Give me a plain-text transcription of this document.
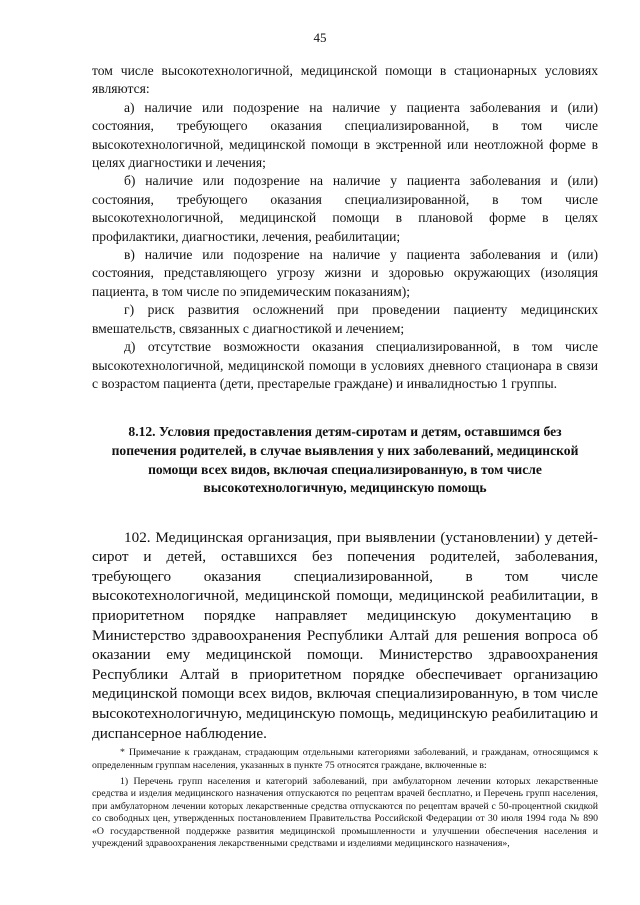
45

том числе высокотехнологичной, медицинской помощи в стационарных условиях являются:

а) наличие или подозрение на наличие у пациента заболевания и (или) состояния, требующего оказания специализированной, в том числе высокотехнологичной, медицинской помощи в экстренной или неотложной форме в целях диагностики и лечения;

б) наличие или подозрение на наличие у пациента заболевания и (или) состояния, требующего оказания специализированной, в том числе высокотехнологичной, медицинской помощи в плановой форме в целях профилактики, диагностики, лечения, реабилитации;

в) наличие или подозрение на наличие у пациента заболевания и (или) состояния, представляющего угрозу жизни и здоровью окружающих (изоляция пациента, в том числе по эпидемическим показаниям);

г) риск развития осложнений при проведении пациенту медицинских вмешательств, связанных с диагностикой и лечением;

д) отсутствие возможности оказания специализированной, в том числе высокотехнологичной, медицинской помощи в условиях дневного стационара в связи с возрастом пациента (дети, престарелые граждане) и инвалидностью 1 группы.

8.12. Условия предоставления детям-сиротам и детям, оставшимся без попечения родителей, в случае выявления у них заболеваний, медицинской помощи всех видов, включая специализированную, в том числе высокотехнологичную, медицинскую помощь

102. Медицинская организация, при выявлении (установлении) у детей-сирот и детей, оставшихся без попечения родителей, заболевания, требующего оказания специализированной, в том числе высокотехнологичной, медицинской помощи, медицинской реабилитации, в приоритетном порядке направляет медицинскую документацию в Министерство здравоохранения Республики Алтай для решения вопроса об оказании ему медицинской помощи. Министерство здравоохранения Республики Алтай в приоритетном порядке обеспечивает организацию медицинской помощи всех видов, включая специализированную, в том числе высокотехнологичную, медицинскую помощь, медицинскую реабилитацию и диспансерное наблюдение.

* Примечание к гражданам, страдающим отдельными категориями заболеваний, и гражданам, относящимся к определенным группам населения, указанных в пункте 75 относятся граждане, включенные в:

1) Перечень групп населения и категорий заболеваний, при амбулаторном лечении которых лекарственные средства и изделия медицинского назначения отпускаются по рецептам врачей бесплатно, и Перечень групп населения, при амбулаторном лечении которых лекарственные средства отпускаются по рецептам врачей с 50-процентной скидкой со свободных цен, утвержденных постановлением Правительства Российской Федерации от 30 июля 1994 года № 890 «О государственной поддержке развития медицинской промышленности и улучшении обеспечения населения и учреждений здравоохранения лекарственными средствами и изделиями медицинского назначения»,
